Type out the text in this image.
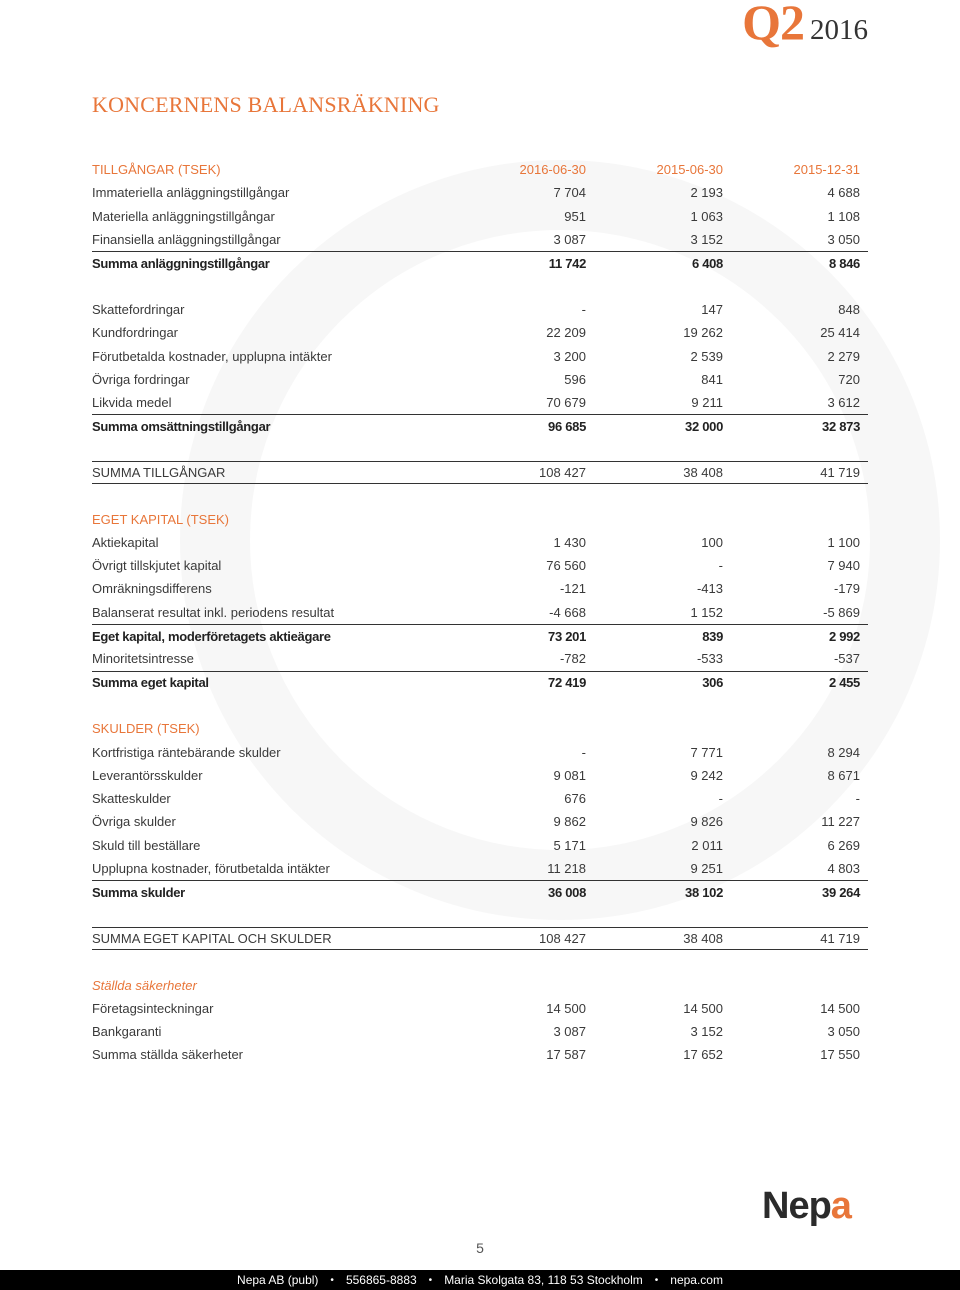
Q2 2016
KONCERNENS BALANSRÄKNING
TILLGÅNGAR (TSEK)	2016-06-30	2015-06-30	2015-12-31
Immateriella anläggningstillgångar	7 704	2 193	4 688
Materiella anläggningstillgångar	951	1 063	1 108
Finansiella anläggningstillgångar	3 087	3 152	3 050
Summa anläggningstillgångar	11 742	6 408	8 846
Skattefordringar	-	147	848
Kundfordringar	22 209	19 262	25 414
Förutbetalda kostnader, upplupna intäkter	3 200	2 539	2 279
Övriga fordringar	596	841	720
Likvida medel	70 679	9 211	3 612
Summa omsättningstillgångar	96 685	32 000	32 873
SUMMA TILLGÅNGAR	108 427	38 408	41 719
EGET KAPITAL (TSEK)
Aktiekapital	1 430	100	1 100
Övrigt tillskjutet kapital	76 560	-	7 940
Omräkningsdifferens	-121	-413	-179
Balanserat resultat inkl. periodens resultat	-4 668	1 152	-5 869
Eget kapital, moderföretagets aktieägare	73 201	839	2 992
Minoritetsintresse	-782	-533	-537
Summa eget kapital	72 419	306	2 455
SKULDER (TSEK)
Kortfristiga räntebärande skulder	-	7 771	8 294
Leverantörsskulder	9 081	9 242	8 671
Skatteskulder	676	-	-
Övriga skulder	9 862	9 826	11 227
Skuld till beställare	5 171	2 011	6 269
Upplupna kostnader, förutbetalda intäkter	11 218	9 251	4 803
Summa skulder	36 008	38 102	39 264
SUMMA EGET KAPITAL OCH SKULDER	108 427	38 408	41 719
Ställda säkerheter
Företagsinteckningar	14 500	14 500	14 500
Bankgaranti	3 087	3 152	3 050
Summa ställda säkerheter	17 587	17 652	17 550
Nepa
5
Nepa AB (publ) • 556865-8883 • Maria Skolgata 83, 118 53 Stockholm • nepa.com
